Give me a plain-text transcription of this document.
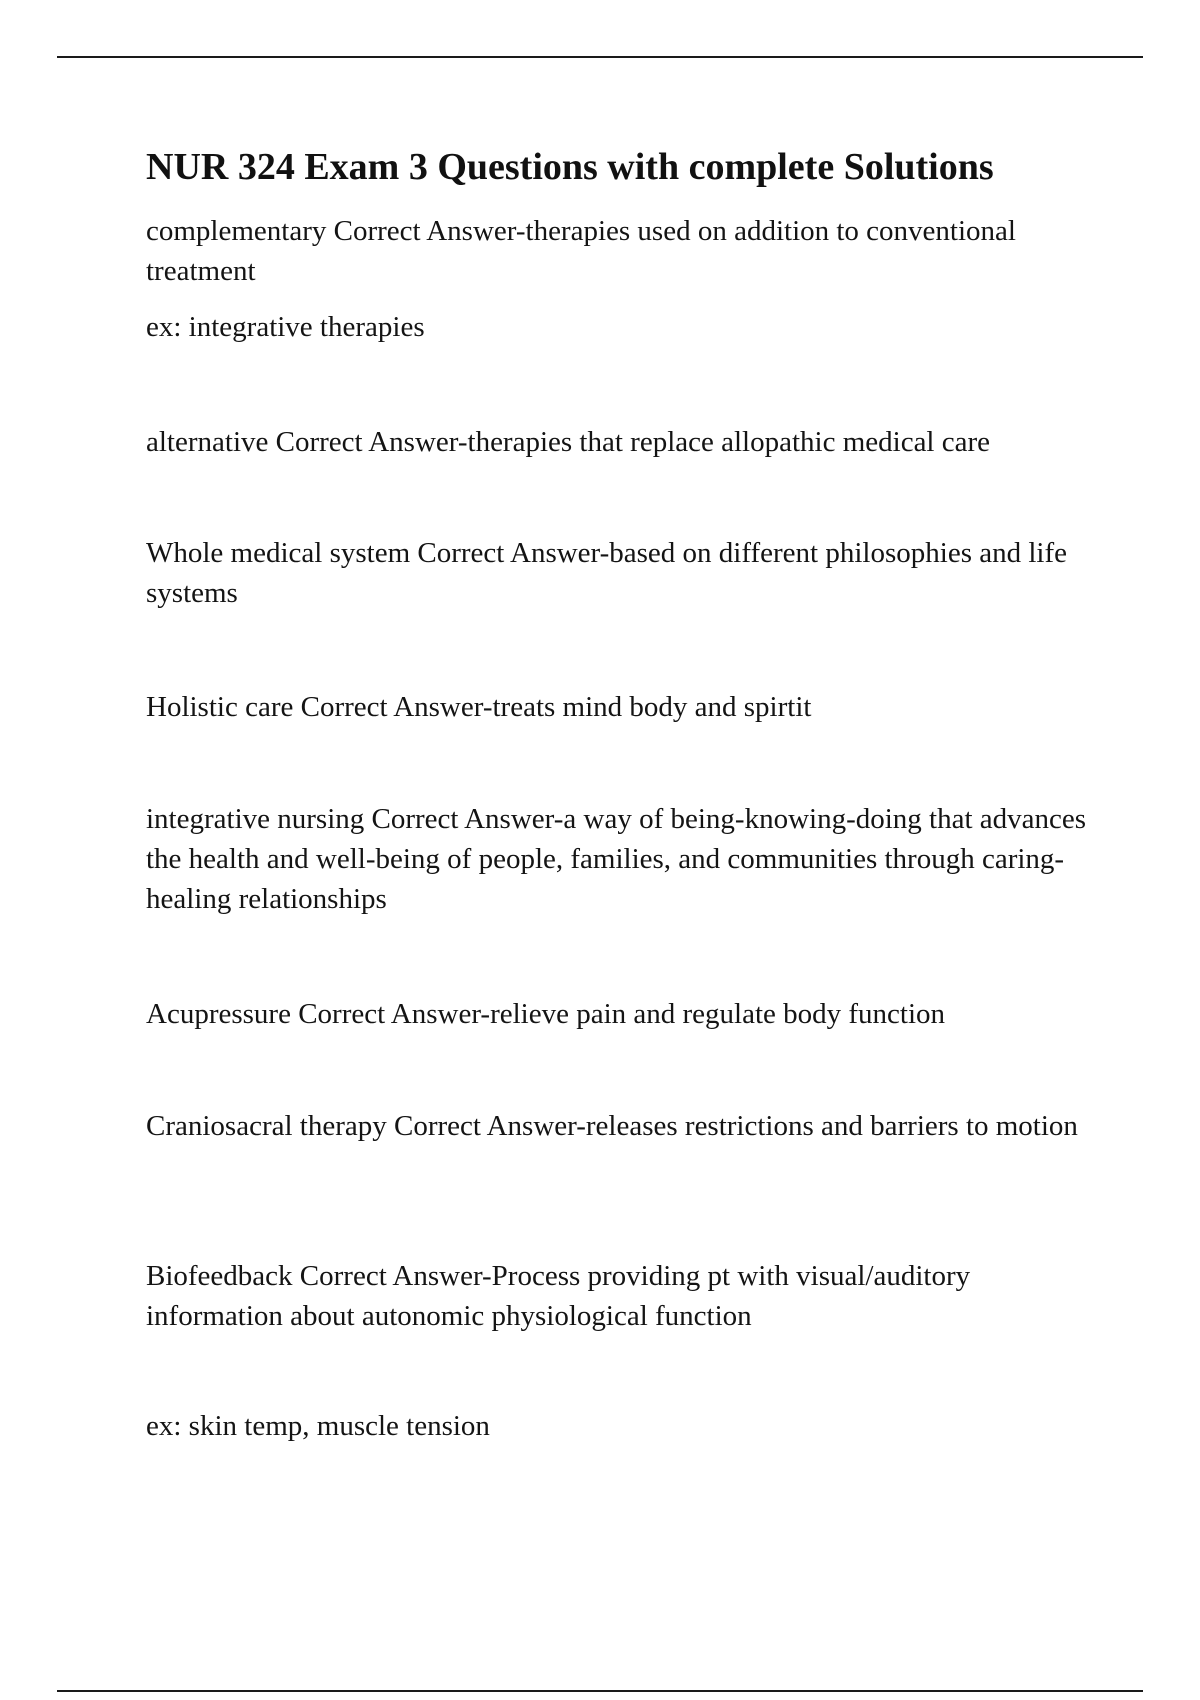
NUR 324 Exam 3 Questions with complete Solutions

complementary Correct Answer-therapies used on addition to conventional treatment

ex: integrative therapies

alternative Correct Answer-therapies that replace allopathic medical care

Whole medical system Correct Answer-based on different philosophies and life systems

Holistic care Correct Answer-treats mind body and spirtit

integrative nursing Correct Answer-a way of being-knowing-doing that advances the health and well-being of people, families, and communities through caring-healing relationships

Acupressure Correct Answer-relieve pain and regulate body function

Craniosacral therapy Correct Answer-releases restrictions and barriers to motion

Biofeedback Correct Answer-Process providing pt with visual/auditory information about autonomic physiological function

ex: skin temp, muscle tension
